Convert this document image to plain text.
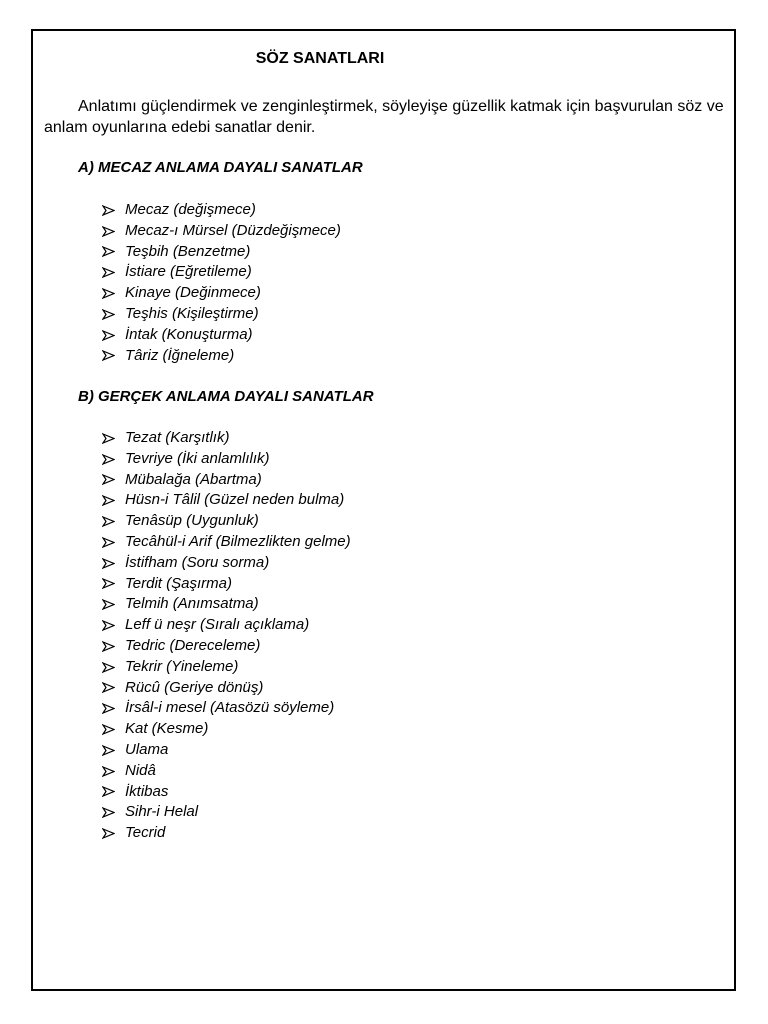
SÖZ SANATLARI

Anlatımı güçlendirmek ve zenginleştirmek, söyleyişe güzellik katmak için başvurulan söz ve anlam oyunlarına edebi sanatlar denir.

A) MECAZ ANLAMA DAYALI SANATLAR

Mecaz (değişmece)
Mecaz-ı Mürsel (Düzdeğişmece)
Teşbih (Benzetme)
İstiare (Eğretileme)
Kinaye (Değinmece)
Teşhis (Kişileştirme)
İntak (Konuşturma)
Târiz (İğneleme)

B) GERÇEK ANLAMA DAYALI SANATLAR

Tezat (Karşıtlık)
Tevriye (İki anlamlılık)
Mübalağa (Abartma)
Hüsn-i Tâlil (Güzel neden bulma)
Tenâsüp (Uygunluk)
Tecâhül-i Arif (Bilmezlikten gelme)
İstifham (Soru sorma)
Terdit (Şaşırma)
Telmih (Anımsatma)
Leff ü neşr (Sıralı açıklama)
Tedric (Dereceleme)
Tekrir (Yineleme)
Rücû (Geriye dönüş)
İrsâl-i mesel (Atasözü söyleme)
Kat (Kesme)
Ulama
Nidâ
İktibas
Sihr-i Helal
Tecrid
